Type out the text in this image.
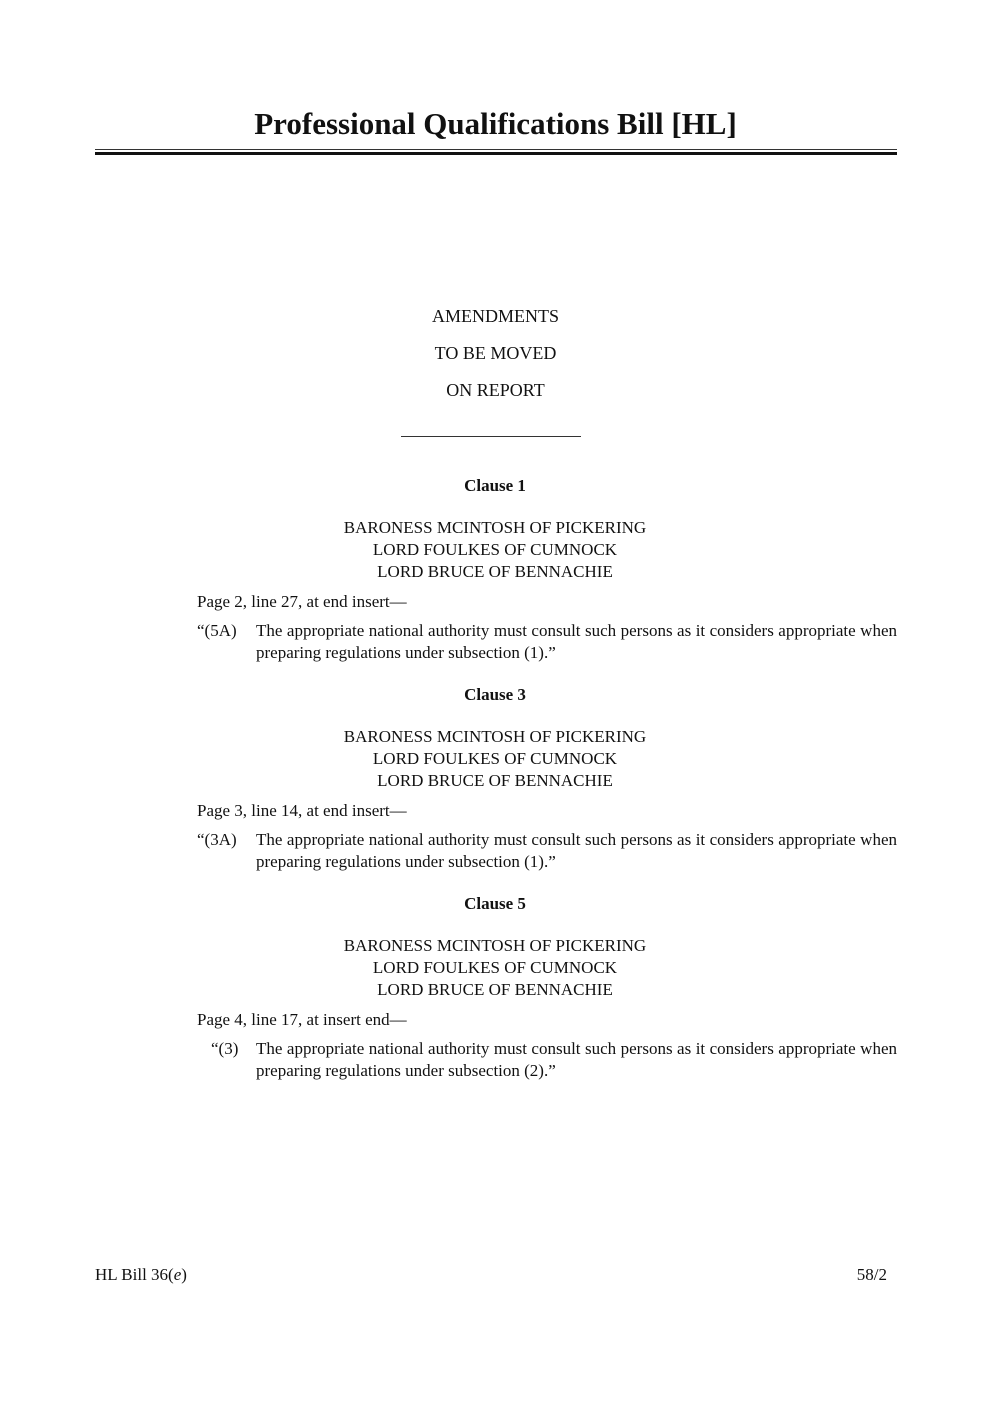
Professional Qualifications Bill [HL]
AMENDMENTS
TO BE MOVED
ON REPORT
Clause 1
BARONESS MCINTOSH OF PICKERING
LORD FOULKES OF CUMNOCK
LORD BRUCE OF BENNACHIE
Page 2, line 27, at end insert—
“(5A) The appropriate national authority must consult such persons as it considers appropriate when preparing regulations under subsection (1).”
Clause 3
BARONESS MCINTOSH OF PICKERING
LORD FOULKES OF CUMNOCK
LORD BRUCE OF BENNACHIE
Page 3, line 14, at end insert—
“(3A) The appropriate national authority must consult such persons as it considers appropriate when preparing regulations under subsection (1).”
Clause 5
BARONESS MCINTOSH OF PICKERING
LORD FOULKES OF CUMNOCK
LORD BRUCE OF BENNACHIE
Page 4, line 17, at insert end—
“(3) The appropriate national authority must consult such persons as it considers appropriate when preparing regulations under subsection (2).”
HL Bill 36(e)	58/2
